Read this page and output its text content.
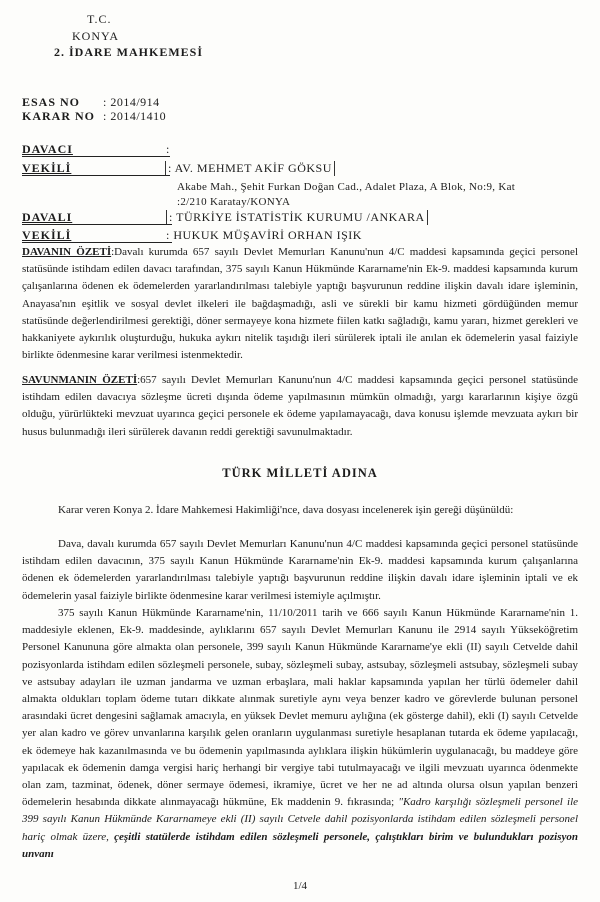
T.C.
KONYA
2. İDARE MAHKEMESİ
ESAS NO : 2014/914
KARAR NO : 2014/1410
DAVACI	:
VEKİLİ	: AV. MEHMET AKİF GÖKSU
Akabe Mah., Şehit Furkan Doğan Cad., Adalet Plaza, A Blok, No:9, Kat
:2/210 Karatay/KONYA
DAVALI	: TÜRKİYE İSTATİSTİK KURUMU /ANKARA
VEKİLİ	: HUKUK MÜŞAVİRİ ORHAN IŞIK
DAVANIN ÖZETİ:Davalı kurumda 657 sayılı Devlet Memurları Kanunu'nun 4/C maddesi kapsamında geçici personel statüsünde istihdam edilen davacı tarafından, 375 sayılı Kanun Hükmünde Kararname'nin Ek-9. maddesi kapsamında kurum çalışanlarına ödenen ek ödemelerden yararlandırılması talebiyle yaptığı başvurunun reddine ilişkin davalı idare işleminin, Anayasa'nın eşitlik ve sosyal devlet ilkeleri ile bağdaşmadığı, asli ve sürekli bir kamu hizmeti gördüğünden memur statüsünde değerlendirilmesi gerektiği, döner sermayeye kona hizmete fiilen katkı sağladığı, kamu yararı, hizmet gerekleri ve hakkaniyete aykırılık oluşturduğu, hukuka aykırı nitelik taşıdığı ileri sürülerek iptali ile anılan ek ödemelerin yasal faiziyle birlikte ödenmesine karar verilmesi istenmektedir.
SAVUNMANIN ÖZETİ:657 sayılı Devlet Memurları Kanunu'nun 4/C maddesi kapsamında geçici personel statüsünde istihdam edilen davacıya sözleşme ücreti dışında ödeme yapılmasının mümkün olmadığı, yargı kararlarının kişiye özgü olduğu, yürürlükteki mevzuat uyarınca geçici personele ek ödeme yapılamayacağı, dava konusu işlemde mevzuata aykırı bir husus bulunmadığı ileri sürülerek davanın reddi gerektiği savunulmaktadır.
TÜRK MİLLETİ ADINA
Karar veren Konya 2. İdare Mahkemesi Hakimliği'nce, dava dosyası incelenerek işin gereği düşünüldü:
Dava, davalı kurumda 657 sayılı Devlet Memurları Kanunu'nun 4/C maddesi kapsamında geçici personel statüsünde istihdam edilen davacının, 375 sayılı Kanun Hükmünde Kararname'nin Ek-9. maddesi kapsamında kurum çalışanlarına ödenen ek ödemelerden yararlandırılması talebiyle yaptığı başvurunun reddine ilişkin davalı idare işleminin iptali ve ek ödemelerin yasal faiziyle birlikte ödenmesine karar verilmesi istemiyle açılmıştır.
375 sayılı Kanun Hükmünde Kararname'nin, 11/10/2011 tarih ve 666 sayılı Kanun Hükmünde Kararname'nin 1. maddesiyle eklenen, Ek-9. maddesinde, aylıklarını 657 sayılı Devlet Memurları Kanunu ile 2914 sayılı Yükseköğretim Personel Kanununa göre almakta olan personele, 399 sayılı Kanun Hükmünde Kararname'ye ekli (II) sayılı Cetvelde dahil pozisyonlarda istihdam edilen sözleşmeli personele, subay, sözleşmeli subay, astsubay, sözleşmeli astsubay, sözleşmeli subay ve astsubay adayları ile uzman jandarma ve uzman erbaşlara, mali haklar kapsamında yapılan her türlü ödemeler dahil almakta oldukları toplam ödeme tutarı dikkate alınmak suretiyle aynı veya benzer kadro ve görevlerde bulunan personel arasındaki ücret dengesini sağlamak amacıyla, en yüksek Devlet memuru aylığına (ek gösterge dahil), ekli (I) sayılı Cetvelde yer alan kadro ve görev unvanlarına karşılık gelen oranların uygulanması suretiyle hesaplanan tutarda ek ödeme yapılacağı, ek ödemeye hak kazanılmasında ve bu ödemenin yapılmasında aylıklara ilişkin hükümlerin uygulanacağı, bu maddeye göre yapılacak ek ödemenin damga vergisi hariç herhangi bir vergiye tabi tutulmayacağı ve ilgili mevzuatı uyarınca ödenmekte olan zam, tazminat, ödenek, döner sermaye ödemesi, ikramiye, ücret ve her ne ad altında olursa olsun yapılan benzeri ödemelerin hesabında dikkate alınmayacağı hükmüne, Ek maddenin 9. fıkrasında; "Kadro karşılığı sözleşmeli personel ile 399 sayılı Kanun Hükmünde Kararnameye ekli (II) sayılı Cetvele dahil pozisyonlarda istihdam edilen sözleşmeli personel hariç olmak üzere, çeşitli statülerde istihdam edilen sözleşmeli personele, çalıştıkları birim ve bulundukları pozisyon unvanı
1/4
